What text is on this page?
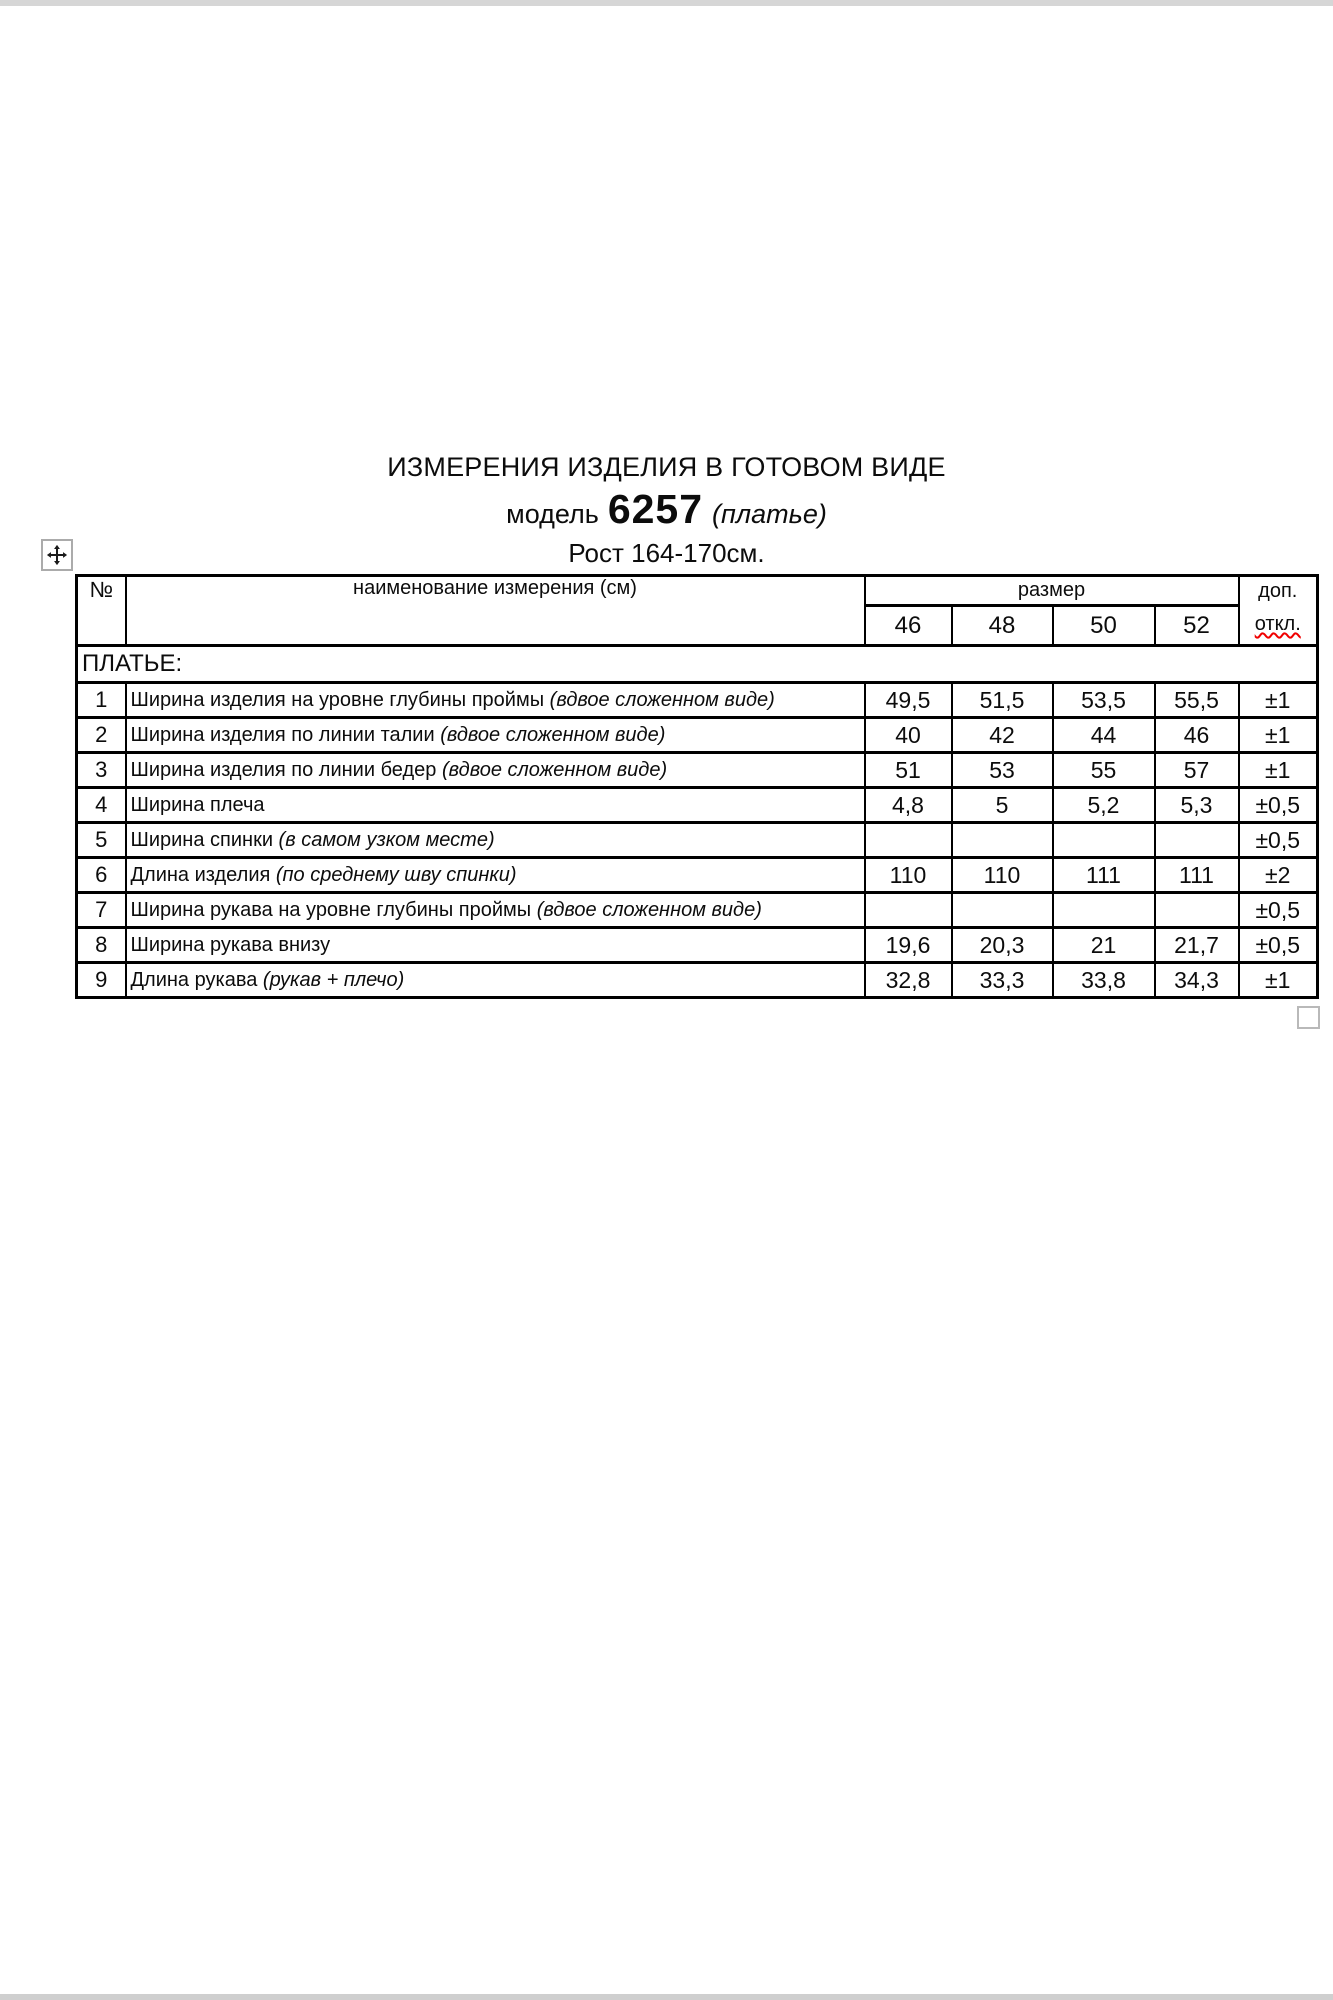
ИЗМЕРЕНИЯ ИЗДЕЛИЯ В ГОТОВОМ ВИДЕ
модель 6257 (платье)
Рост 164-170см.
№	наименование измерения (см)	размер				доп.
откл.

		46	48	50	52	
ПЛАТЬЕ:						
1	Ширина изделия на уровне глубины проймы (вдвое сложенном виде)	49,5	51,5	53,5	55,5	±1
2	Ширина изделия по линии талии (вдвое сложенном виде)	40	42	44	46	±1
3	Ширина изделия по линии бедер (вдвое сложенном виде)	51	53	55	57	±1
4	Ширина плеча	4,8	5	5,2	5,3	±0,5
5	Ширина спинки (в самом узком месте)					±0,5
6	Длина изделия (по среднему шву спинки)	110	110	111	111	±2
7	Ширина рукава на уровне глубины проймы (вдвое сложенном виде)					±0,5
8	Ширина рукава внизу	19,6	20,3	21	21,7	±0,5
9	Длина рукава (рукав + плечо)	32,8	33,3	33,8	34,3	±1
